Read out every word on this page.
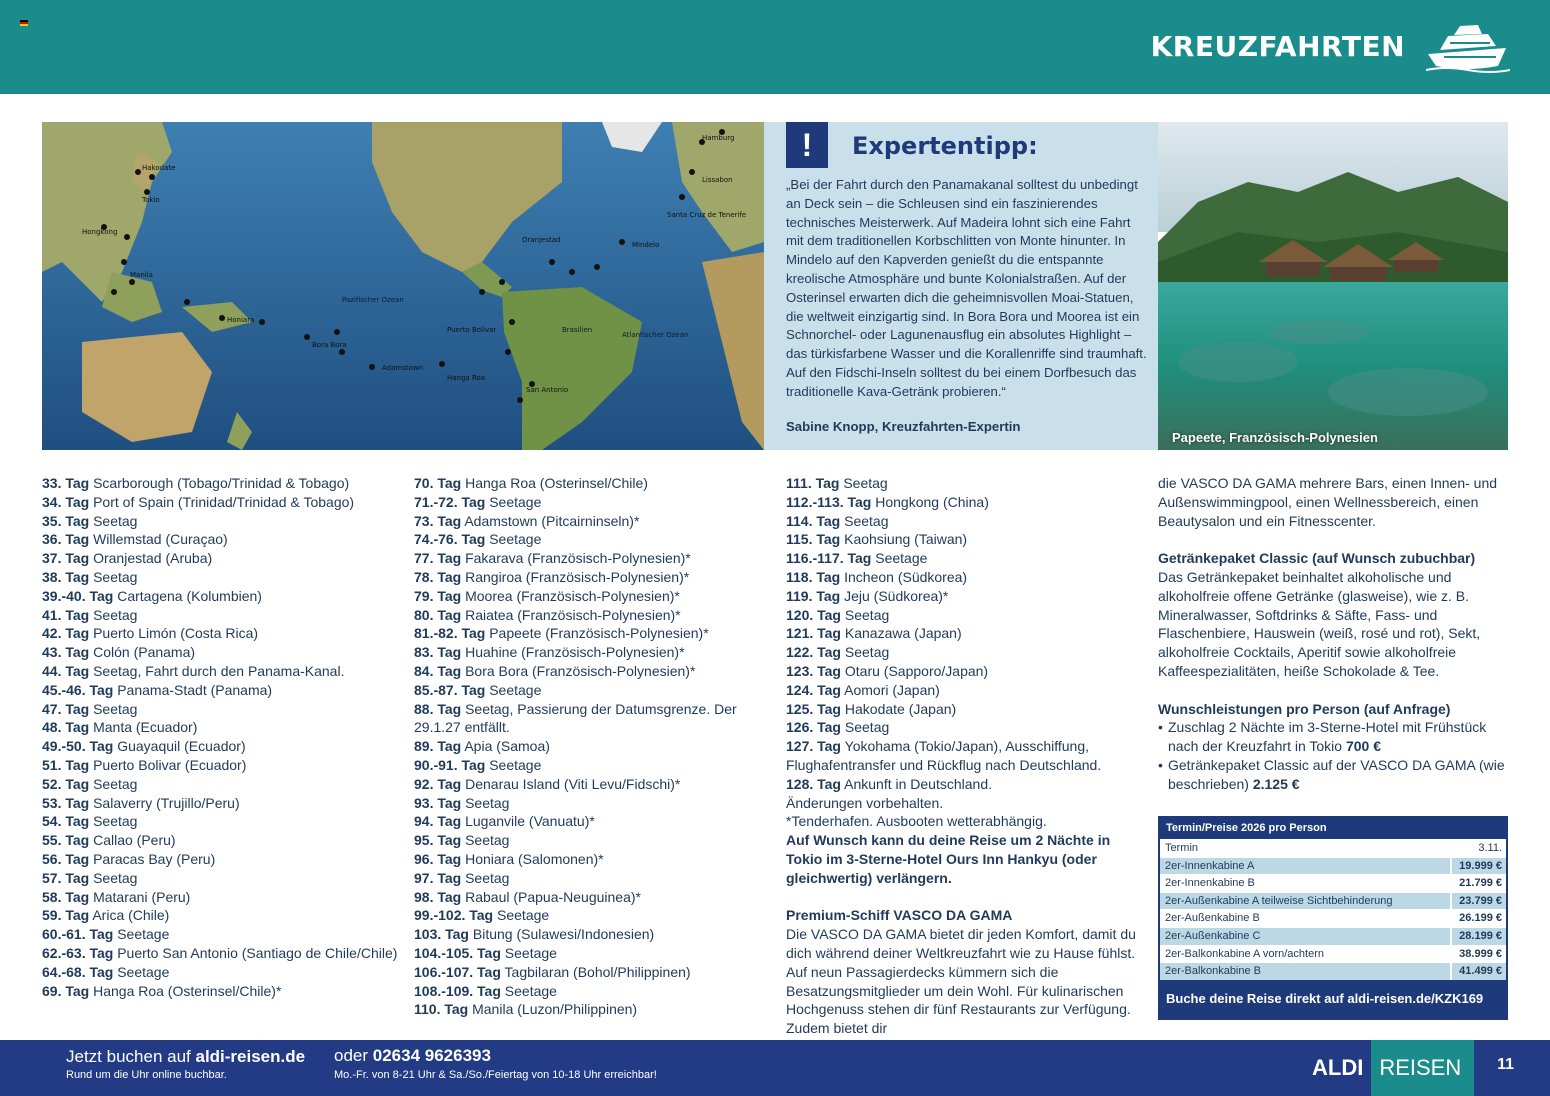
KREUZFAHRTEN
Pazifischer Ozean
Atlantischer Ozean
Brasilien
Hakodate
Tokio
Hongkong
Manila
Honiara
Bora Bora
Adamstown
Hanga Roa
San Antonio
Puerto Bolivar
Oranjestad
Mindelo
Santa Cruz de Tenerife
Hamburg
Lissabon
!	Expertentipp:
„Bei der Fahrt durch den Panamakanal solltest du unbedingt an Deck sein – die Schleusen sind ein faszinierendes technisches Meisterwerk. Auf Madeira lohnt sich eine Fahrt mit dem traditionellen Korbschlitten von Monte hinunter. In Mindelo auf den Kapverden genießt du die entspannte kreolische Atmosphäre und bunte Kolonialstraßen. Auf der Osterinsel erwarten dich die geheimnisvollen Moai-Statuen, die weltweit einzigartig sind. In Bora Bora und Moorea ist ein Schnorchel- oder Lagunenausflug ein absolutes Highlight – das türkisfarbene Wasser und die Korallenriffe sind traumhaft. Auf den Fidschi-Inseln solltest du bei einem Dorfbesuch das traditionelle Kava-Getränk probieren.“
Sabine Knopp, Kreuzfahrten-Expertin
Papeete, Französisch-Polynesien
33. Tag Scarborough (Tobago/Trinidad & Tobago)
34. Tag Port of Spain (Trinidad/Trinidad & Tobago)
35. Tag Seetag
36. Tag Willemstad (Curaçao)
37. Tag Oranjestad (Aruba)
38. Tag Seetag
39.-40. Tag Cartagena (Kolumbien)
41. Tag Seetag
42. Tag Puerto Limón (Costa Rica)
43. Tag Colón (Panama)
44. Tag Seetag, Fahrt durch den Panama-Kanal.
45.-46. Tag Panama-Stadt (Panama)
47. Tag Seetag
48. Tag Manta (Ecuador)
49.-50. Tag Guayaquil (Ecuador)
51. Tag Puerto Bolivar (Ecuador)
52. Tag Seetag
53. Tag Salaverry (Trujillo/Peru)
54. Tag Seetag
55. Tag Callao (Peru)
56. Tag Paracas Bay (Peru)
57. Tag Seetag
58. Tag Matarani (Peru)
59. Tag Arica (Chile)
60.-61. Tag Seetage
62.-63. Tag Puerto San Antonio (Santiago de Chile/Chile)
64.-68. Tag Seetage
69. Tag Hanga Roa (Osterinsel/Chile)*
70. Tag Hanga Roa (Osterinsel/Chile)
71.-72. Tag Seetage
73. Tag Adamstown (Pitcairninseln)*
74.-76. Tag Seetage
77. Tag Fakarava (Französisch-Polynesien)*
78. Tag Rangiroa (Französisch-Polynesien)*
79. Tag Moorea (Französisch-Polynesien)*
80. Tag Raiatea (Französisch-Polynesien)*
81.-82. Tag Papeete (Französisch-Polynesien)*
83. Tag Huahine (Französisch-Polynesien)*
84. Tag Bora Bora (Französisch-Polynesien)*
85.-87. Tag Seetage
88. Tag Seetag, Passierung der Datumsgrenze. Der 29.1.27 entfällt.
89. Tag Apia (Samoa)
90.-91. Tag Seetage
92. Tag Denarau Island (Viti Levu/Fidschi)*
93. Tag Seetag
94. Tag Luganvile (Vanuatu)*
95. Tag Seetag
96. Tag Honiara (Salomonen)*
97. Tag Seetag
98. Tag Rabaul (Papua-Neuguinea)*
99.-102. Tag Seetage
103. Tag Bitung (Sulawesi/Indonesien)
104.-105. Tag Seetage
106.-107. Tag Tagbilaran (Bohol/Philippinen)
108.-109. Tag Seetage
110. Tag Manila (Luzon/Philippinen)
111. Tag Seetag
112.-113. Tag Hongkong (China)
114. Tag Seetag
115. Tag Kaohsiung (Taiwan)
116.-117. Tag Seetage
118. Tag Incheon (Südkorea)
119. Tag Jeju (Südkorea)*
120. Tag Seetag
121. Tag Kanazawa (Japan)
122. Tag Seetag
123. Tag Otaru (Sapporo/Japan)
124. Tag Aomori (Japan)
125. Tag Hakodate (Japan)
126. Tag Seetag
127. Tag Yokohama (Tokio/Japan), Ausschiffung, Flughafentransfer und Rückflug nach Deutschland.
128. Tag Ankunft in Deutschland.
Änderungen vorbehalten.
*Tenderhafen. Ausbooten wetterabhängig.
Auf Wunsch kann du deine Reise um 2 Nächte in Tokio im 3-Sterne-Hotel Ours Inn Hankyu (oder gleichwertig) verlängern.
Premium-Schiff VASCO DA GAMA
Die VASCO DA GAMA bietet dir jeden Komfort, damit du dich während deiner Weltkreuzfahrt wie zu Hause fühlst. Auf neun Passagierdecks kümmern sich die Besatzungsmitglieder um dein Wohl. Für kulinarischen Hochgenuss stehen dir fünf Restaurants zur Verfügung. Zudem bietet dir

die VASCO DA GAMA mehrere Bars, einen Innen- und Außenswimmingpool, einen Wellnessbereich, einen Beautysalon und ein Fitnesscenter.

Getränkepaket Classic (auf Wunsch zubuchbar)

Das Getränkepaket beinhaltet alkoholische und alkoholfreie offene Getränke (glasweise), wie z. B. Mineralwasser, Softdrinks & Säfte, Fass- und Flaschenbiere, Hauswein (weiß, rosé und rot), Sekt, alkoholfreie Cocktails, Aperitif sowie alkoholfreie Kaffeespezialitäten, heiße Schokolade & Tee.

Wunschleistungen pro Person (auf Anfrage)
• Zuschlag 2 Nächte im 3-Sterne-Hotel mit Frühstück nach der Kreuzfahrt in Tokio 700 €
• Getränkepaket Classic auf der VASCO DA GAMA (wie beschrieben) 2.125 €
Termin/Preise 2026 pro Person
Termin	3.11.
2er-Innenkabine A	19.999 €
2er-Innenkabine B	21.799 €
2er-Außenkabine A teilweise Sichtbehinderung	23.799 €
2er-Außenkabine B	26.199 €
2er-Außenkabine C	28.199 €
2er-Balkonkabine A vorn/achtern	38.999 €
2er-Balkonkabine B	41.499 €
Buche deine Reise direkt auf aldi-reisen.de/KZK169
Jetzt buchen auf aldi-reisen.de
Rund um die Uhr online buchbar.
oder 02634 9626393
Mo.-Fr. von 8-21 Uhr & Sa./So./Feiertag von 10-18 Uhr erreichbar!	ALDI REISEN	11
